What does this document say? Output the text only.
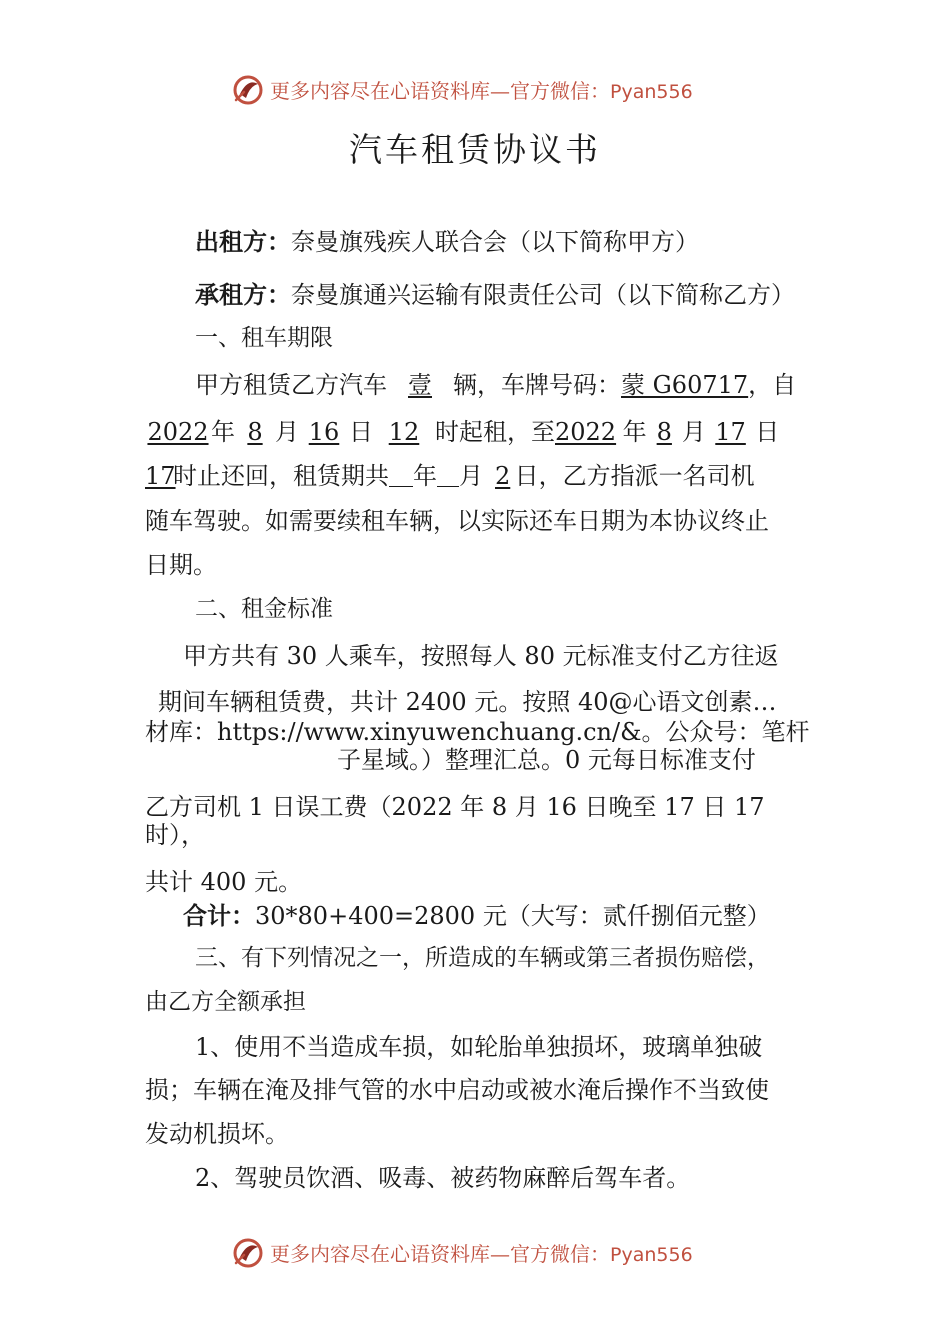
更多内容尽在心语资料库—官方微信：Pyan556
汽车租赁协议书
出租方：奈曼旗残疾人联合会（以下简称甲方）
承租方：奈曼旗通兴运输有限责任公司（以下简称乙方）
一、租车期限
甲方租赁乙方汽车 壹 辆，车牌号码：蒙 G60717，自
2022 年 8 月 16 日 12 时起租，至2022 年 8 月 17 日
17时止还回，租赁期共 年 月 2 日，乙方指派一名司机
随车驾驶。如需要续租车辆，以实际还车日期为本协议终止
日期。
二、租金标准
甲方共有 30 人乘车，按照每人 80 元标准支付乙方往返
期间车辆租赁费，共计 2400 元。按照 40@心语文创素…
材库：https://www.xinyuwenchuang.cn/&。公众号：笔杆
子星域。）整理汇总。0 元每日标准支付
乙方司机 1 日误工费（2022 年 8 月 16 日晚至 17 日 17
时），
共计 400 元。
合计：30*80+400=2800 元（大写：贰仟捌佰元整）
三、有下列情况之一，所造成的车辆或第三者损伤赔偿，
由乙方全额承担
1、使用不当造成车损，如轮胎单独损坏，玻璃单独破
损；车辆在淹及排气管的水中启动或被水淹后操作不当致使
发动机损坏。
2、驾驶员饮酒、吸毒、被药物麻醉后驾车者。
更多内容尽在心语资料库—官方微信：Pyan556
